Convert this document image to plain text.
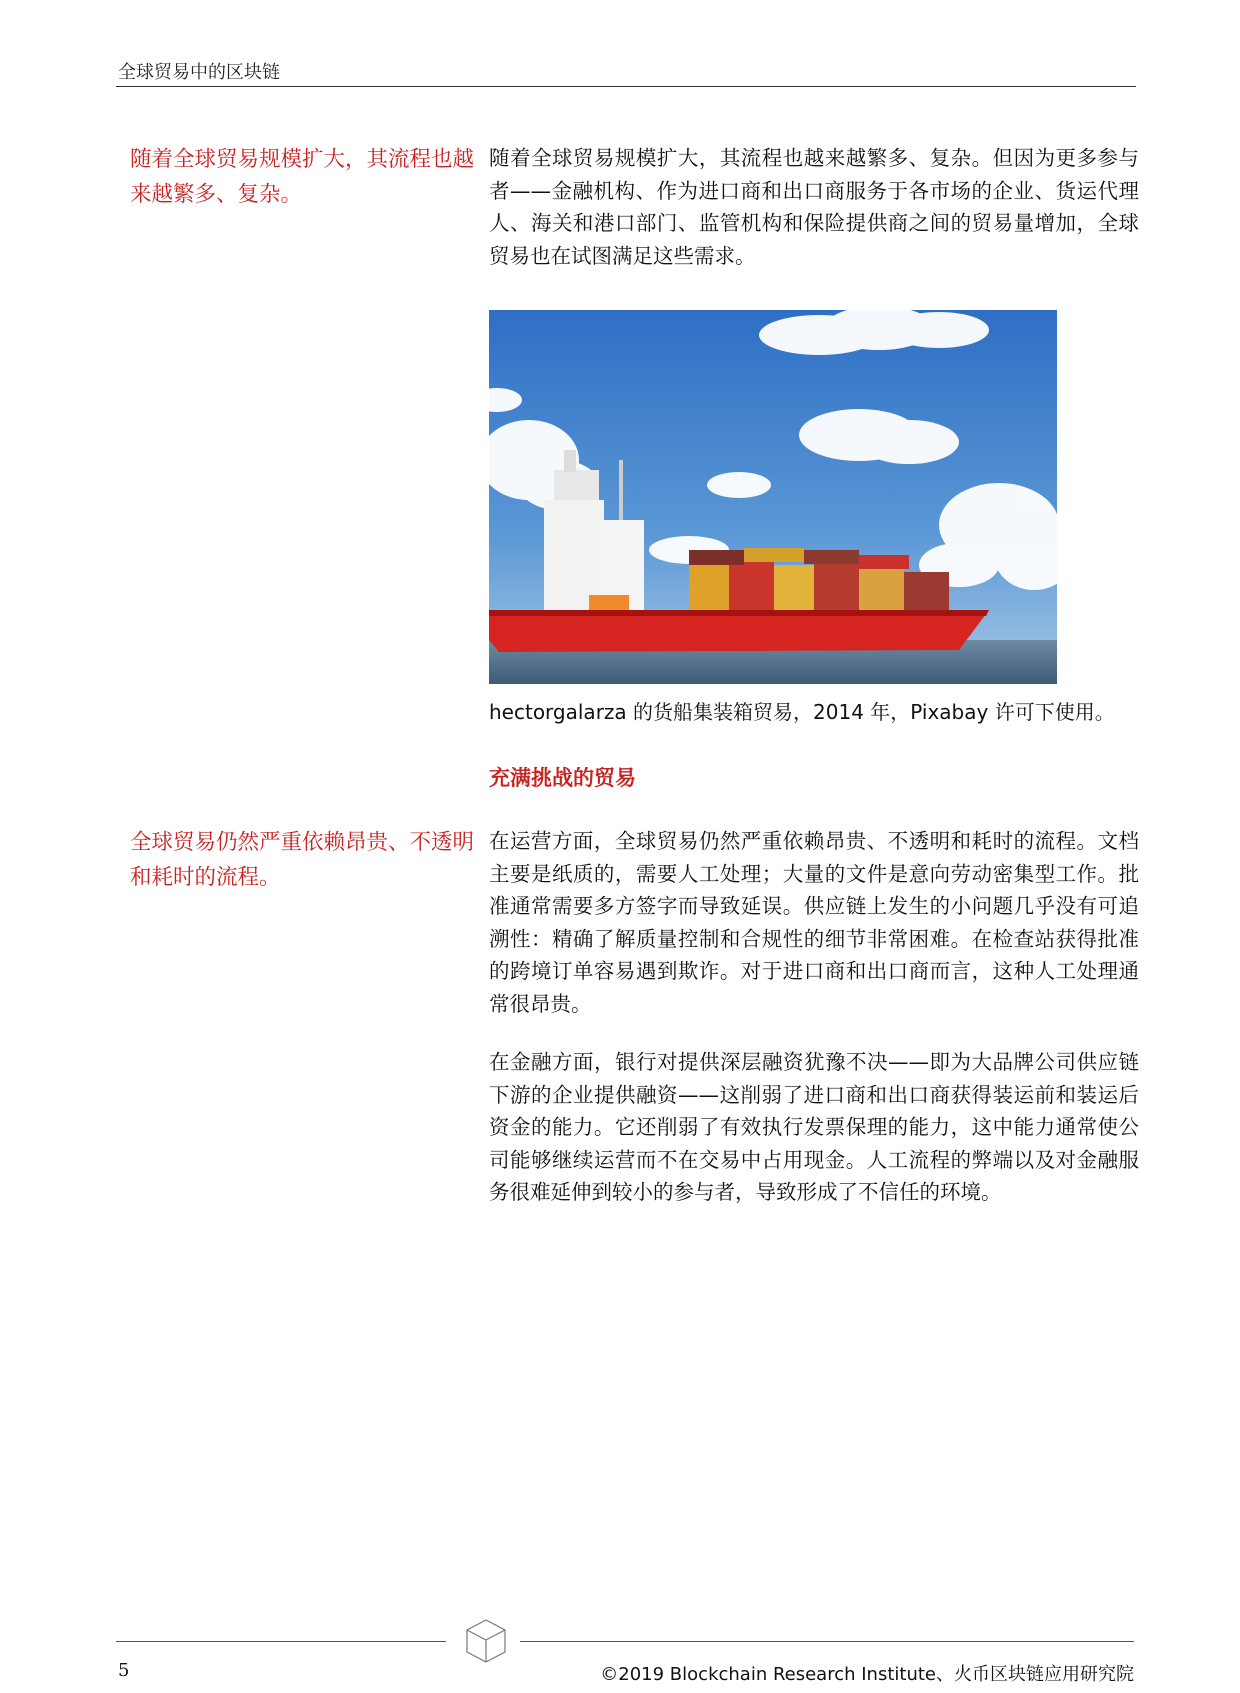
全球贸易中的区块链
随着全球贸易规模扩大，其流程也越来越繁多、复杂。
随着全球贸易规模扩大，其流程也越来越繁多、复杂。但因为更多参与者——金融机构、作为进口商和出口商服务于各市场的企业、货运代理人、海关和港口部门、监管机构和保险提供商之间的贸易量增加，全球贸易也在试图满足这些需求。
hectorgalarza 的货船集装箱贸易，2014 年，Pixabay 许可下使用。
充满挑战的贸易
全球贸易仍然严重依赖昂贵、不透明和耗时的流程。
在运营方面，全球贸易仍然严重依赖昂贵、不透明和耗时的流程。文档主要是纸质的，需要人工处理；大量的文件是意向劳动密集型工作。批准通常需要多方签字而导致延误。供应链上发生的小问题几乎没有可追溯性：精确了解质量控制和合规性的细节非常困难。在检查站获得批准的跨境订单容易遇到欺诈。对于进口商和出口商而言，这种人工处理通常很昂贵。
在金融方面，银行对提供深层融资犹豫不决——即为大品牌公司供应链下游的企业提供融资——这削弱了进口商和出口商获得装运前和装运后资金的能力。它还削弱了有效执行发票保理的能力，这中能力通常使公司能够继续运营而不在交易中占用现金。人工流程的弊端以及对金融服务很难延伸到较小的参与者，导致形成了不信任的环境。
5	©2019 Blockchain Research Institute、火币区块链应用研究院
